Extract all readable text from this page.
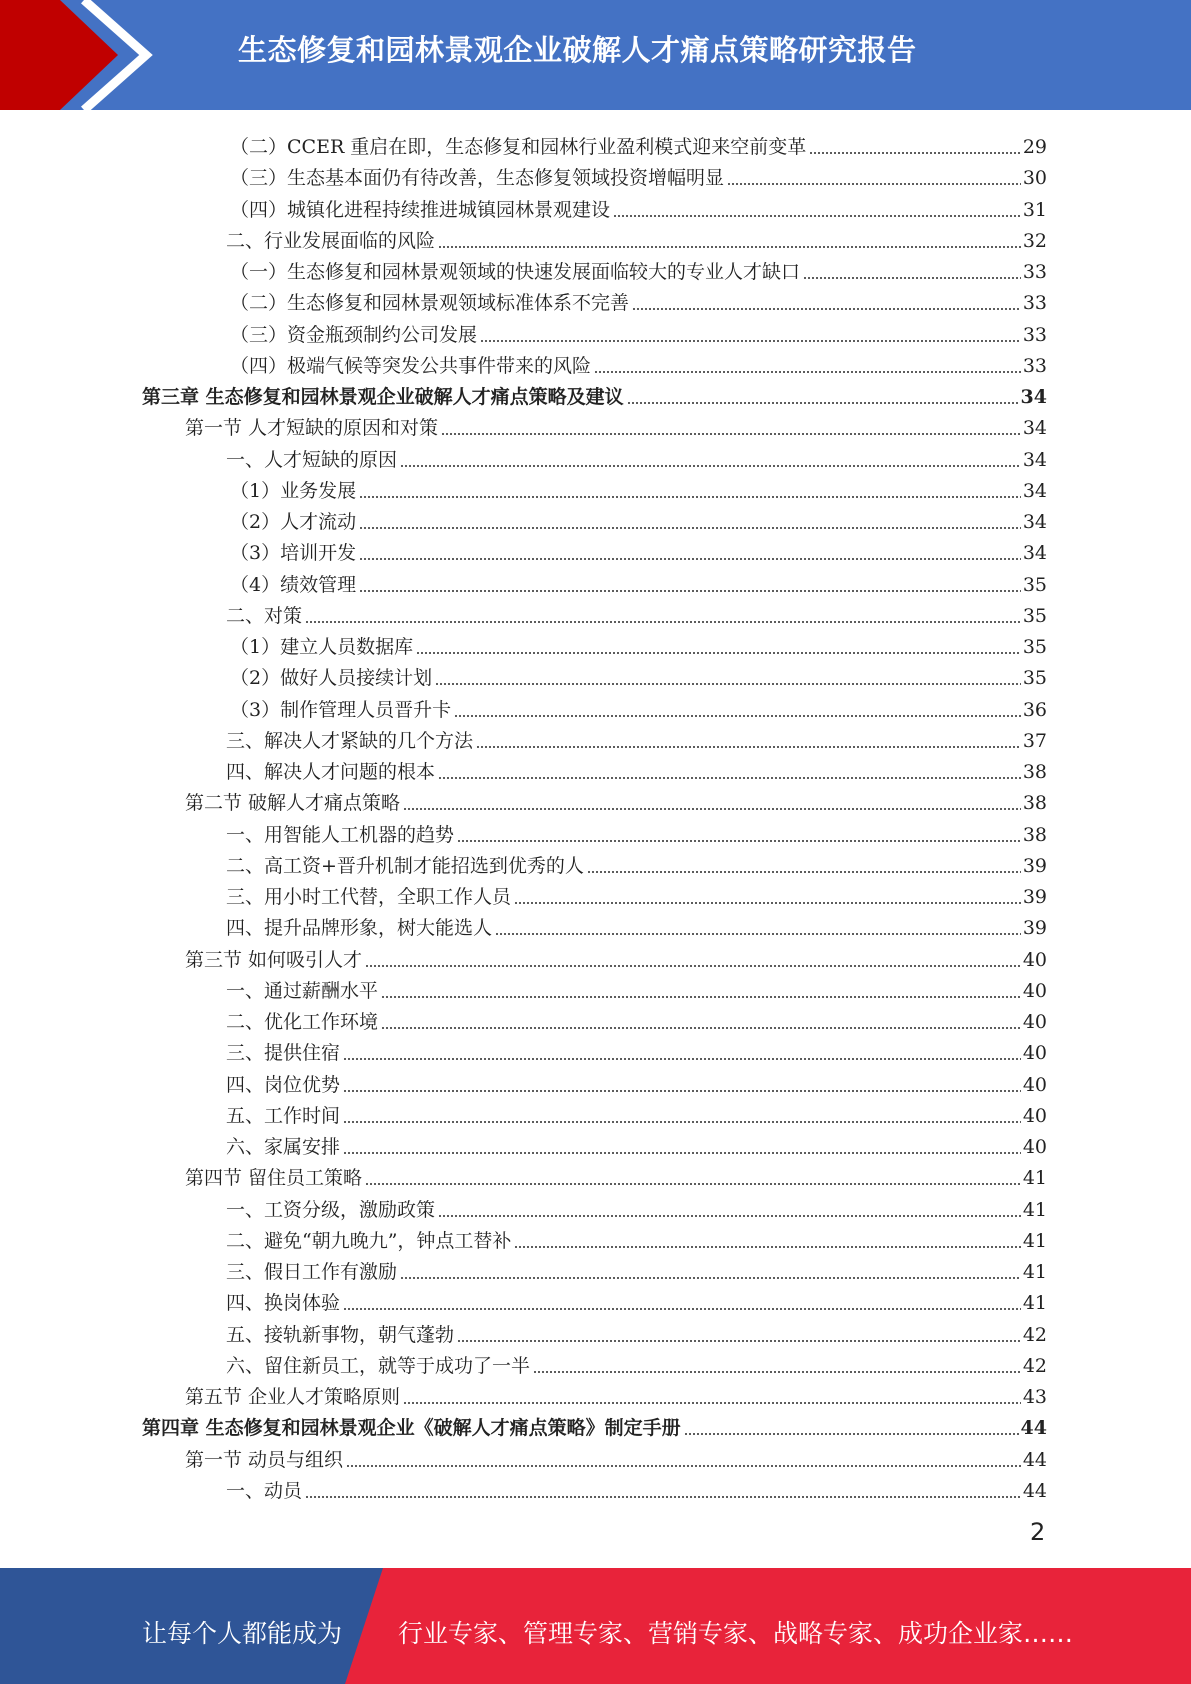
生态修复和园林景观企业破解人才痛点策略研究报告
（二）CCER 重启在即，生态修复和园林行业盈利模式迎来空前变革	29
（三）生态基本面仍有待改善，生态修复领域投资增幅明显	30
（四）城镇化进程持续推进城镇园林景观建设	31
二、行业发展面临的风险	32
（一）生态修复和园林景观领域的快速发展面临较大的专业人才缺口	33
（二）生态修复和园林景观领域标准体系不完善	33
（三）资金瓶颈制约公司发展	33
（四）极端气候等突发公共事件带来的风险	33
第三章 生态修复和园林景观企业破解人才痛点策略及建议	34
第一节 人才短缺的原因和对策	34
一、人才短缺的原因	34
（1）业务发展	34
（2）人才流动	34
（3）培训开发	34
（4）绩效管理	35
二、对策	35
（1）建立人员数据库	35
（2）做好人员接续计划	35
（3）制作管理人员晋升卡	36
三、解决人才紧缺的几个方法	37
四、解决人才问题的根本	38
第二节 破解人才痛点策略	38
一、用智能人工机器的趋势	38
二、高工资+晋升机制才能招选到优秀的人	39
三、用小时工代替，全职工作人员	39
四、提升品牌形象，树大能选人	39
第三节 如何吸引人才	40
一、通过薪酬水平	40
二、优化工作环境	40
三、提供住宿	40
四、岗位优势	40
五、工作时间	40
六、家属安排	40
第四节 留住员工策略	41
一、工资分级，激励政策	41
二、避免“朝九晚九”，钟点工替补	41
三、假日工作有激励	41
四、换岗体验	41
五、接轨新事物，朝气蓬勃	42
六、留住新员工，就等于成功了一半	42
第五节 企业人才策略原则	43
第四章 生态修复和园林景观企业《破解人才痛点策略》制定手册	44
第一节 动员与组织	44
一、动员	44
2
让每个人都能成为 行业专家、管理专家、营销专家、战略专家、成功企业家……
